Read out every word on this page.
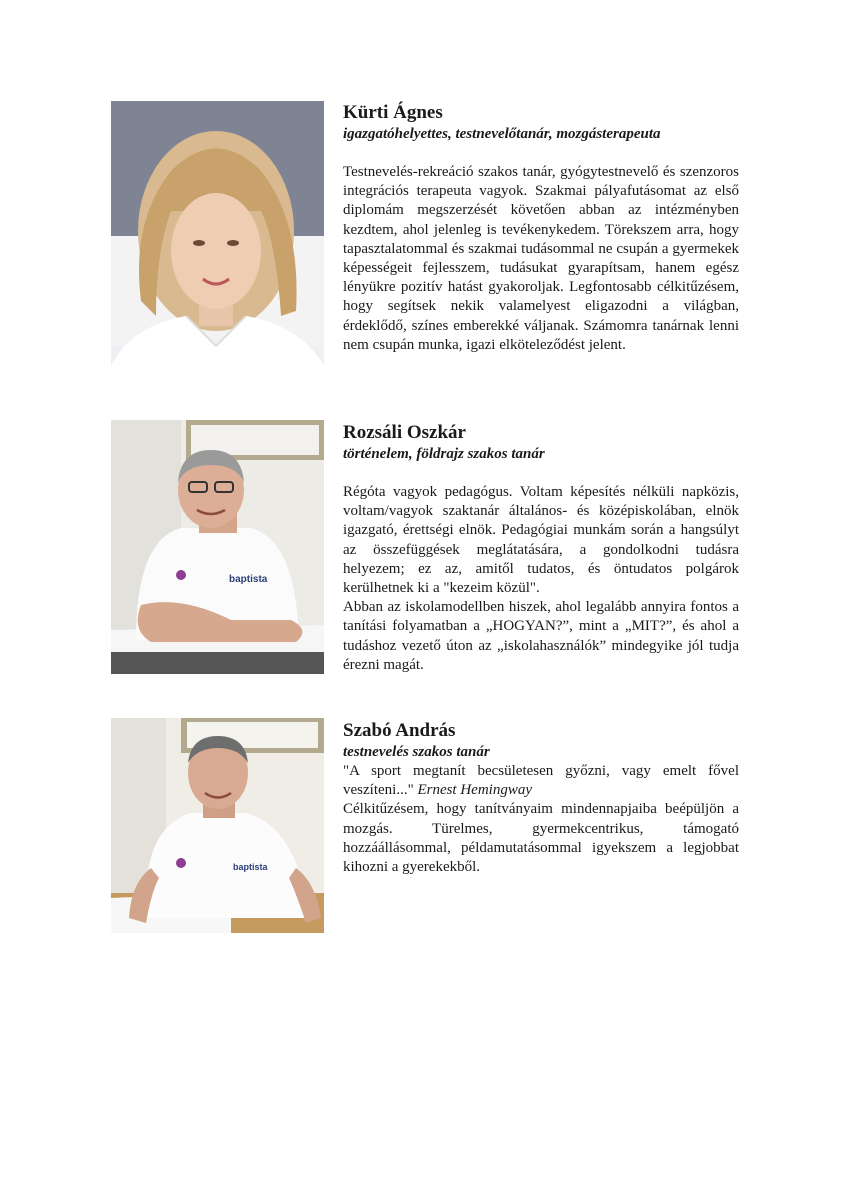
Kürti Ágnes

igazgatóhelyettes, testnevelőtanár, mozgásterapeuta

Testnevelés-rekreáció szakos tanár, gyógytestnevelő és szenzoros integrációs terapeuta vagyok. Szakmai pályafutásomat az első diplomám megszerzését követően abban az intézményben kezdtem, ahol jelenleg is tevékenykedem. Törekszem arra, hogy tapasztalatommal és szakmai tudásommal ne csupán a gyermekek képességeit fejlesszem, tudásukat gyarapítsam, hanem egész lényükre pozitív hatást gyakoroljak. Legfontosabb célkitűzésem, hogy segítsek nekik valamelyest eligazodni a világban, érdeklődő, színes emberekké váljanak. Számomra tanárnak lenni nem csupán munka, igazi elköteleződést jelent.

baptista

Rozsáli Oszkár

történelem, földrajz szakos tanár

Régóta vagyok pedagógus. Voltam képesítés nélküli napközis, voltam/vagyok szaktanár általános- és középiskolában, elnök igazgató, érettségi elnök. Pedagógiai munkám során a hangsúlyt az összefüggések meglátatására, a gondolkodni tudásra helyezem; ez az, amitől tudatos, és öntudatos polgárok kerülhetnek ki a "kezeim közül".

Abban az iskolamodellben hiszek, ahol legalább annyira fontos a tanítási folyamatban a „HOGYAN?”, mint a „MIT?”, és ahol a tudáshoz vezető úton az „iskolahasználók” mindegyike jól tudja érezni magát.

baptista

Szabó András

testnevelés szakos tanár

"A sport megtanít becsületesen győzni, vagy emelt fővel veszíteni..." Ernest Hemingway

Célkitűzésem, hogy tanítványaim mindennapjaiba beépüljön a mozgás. Türelmes, gyermekcentrikus, támogató hozzáállásommal, példamutatásommal igyekszem a legjobbat kihozni a gyerekekből.
